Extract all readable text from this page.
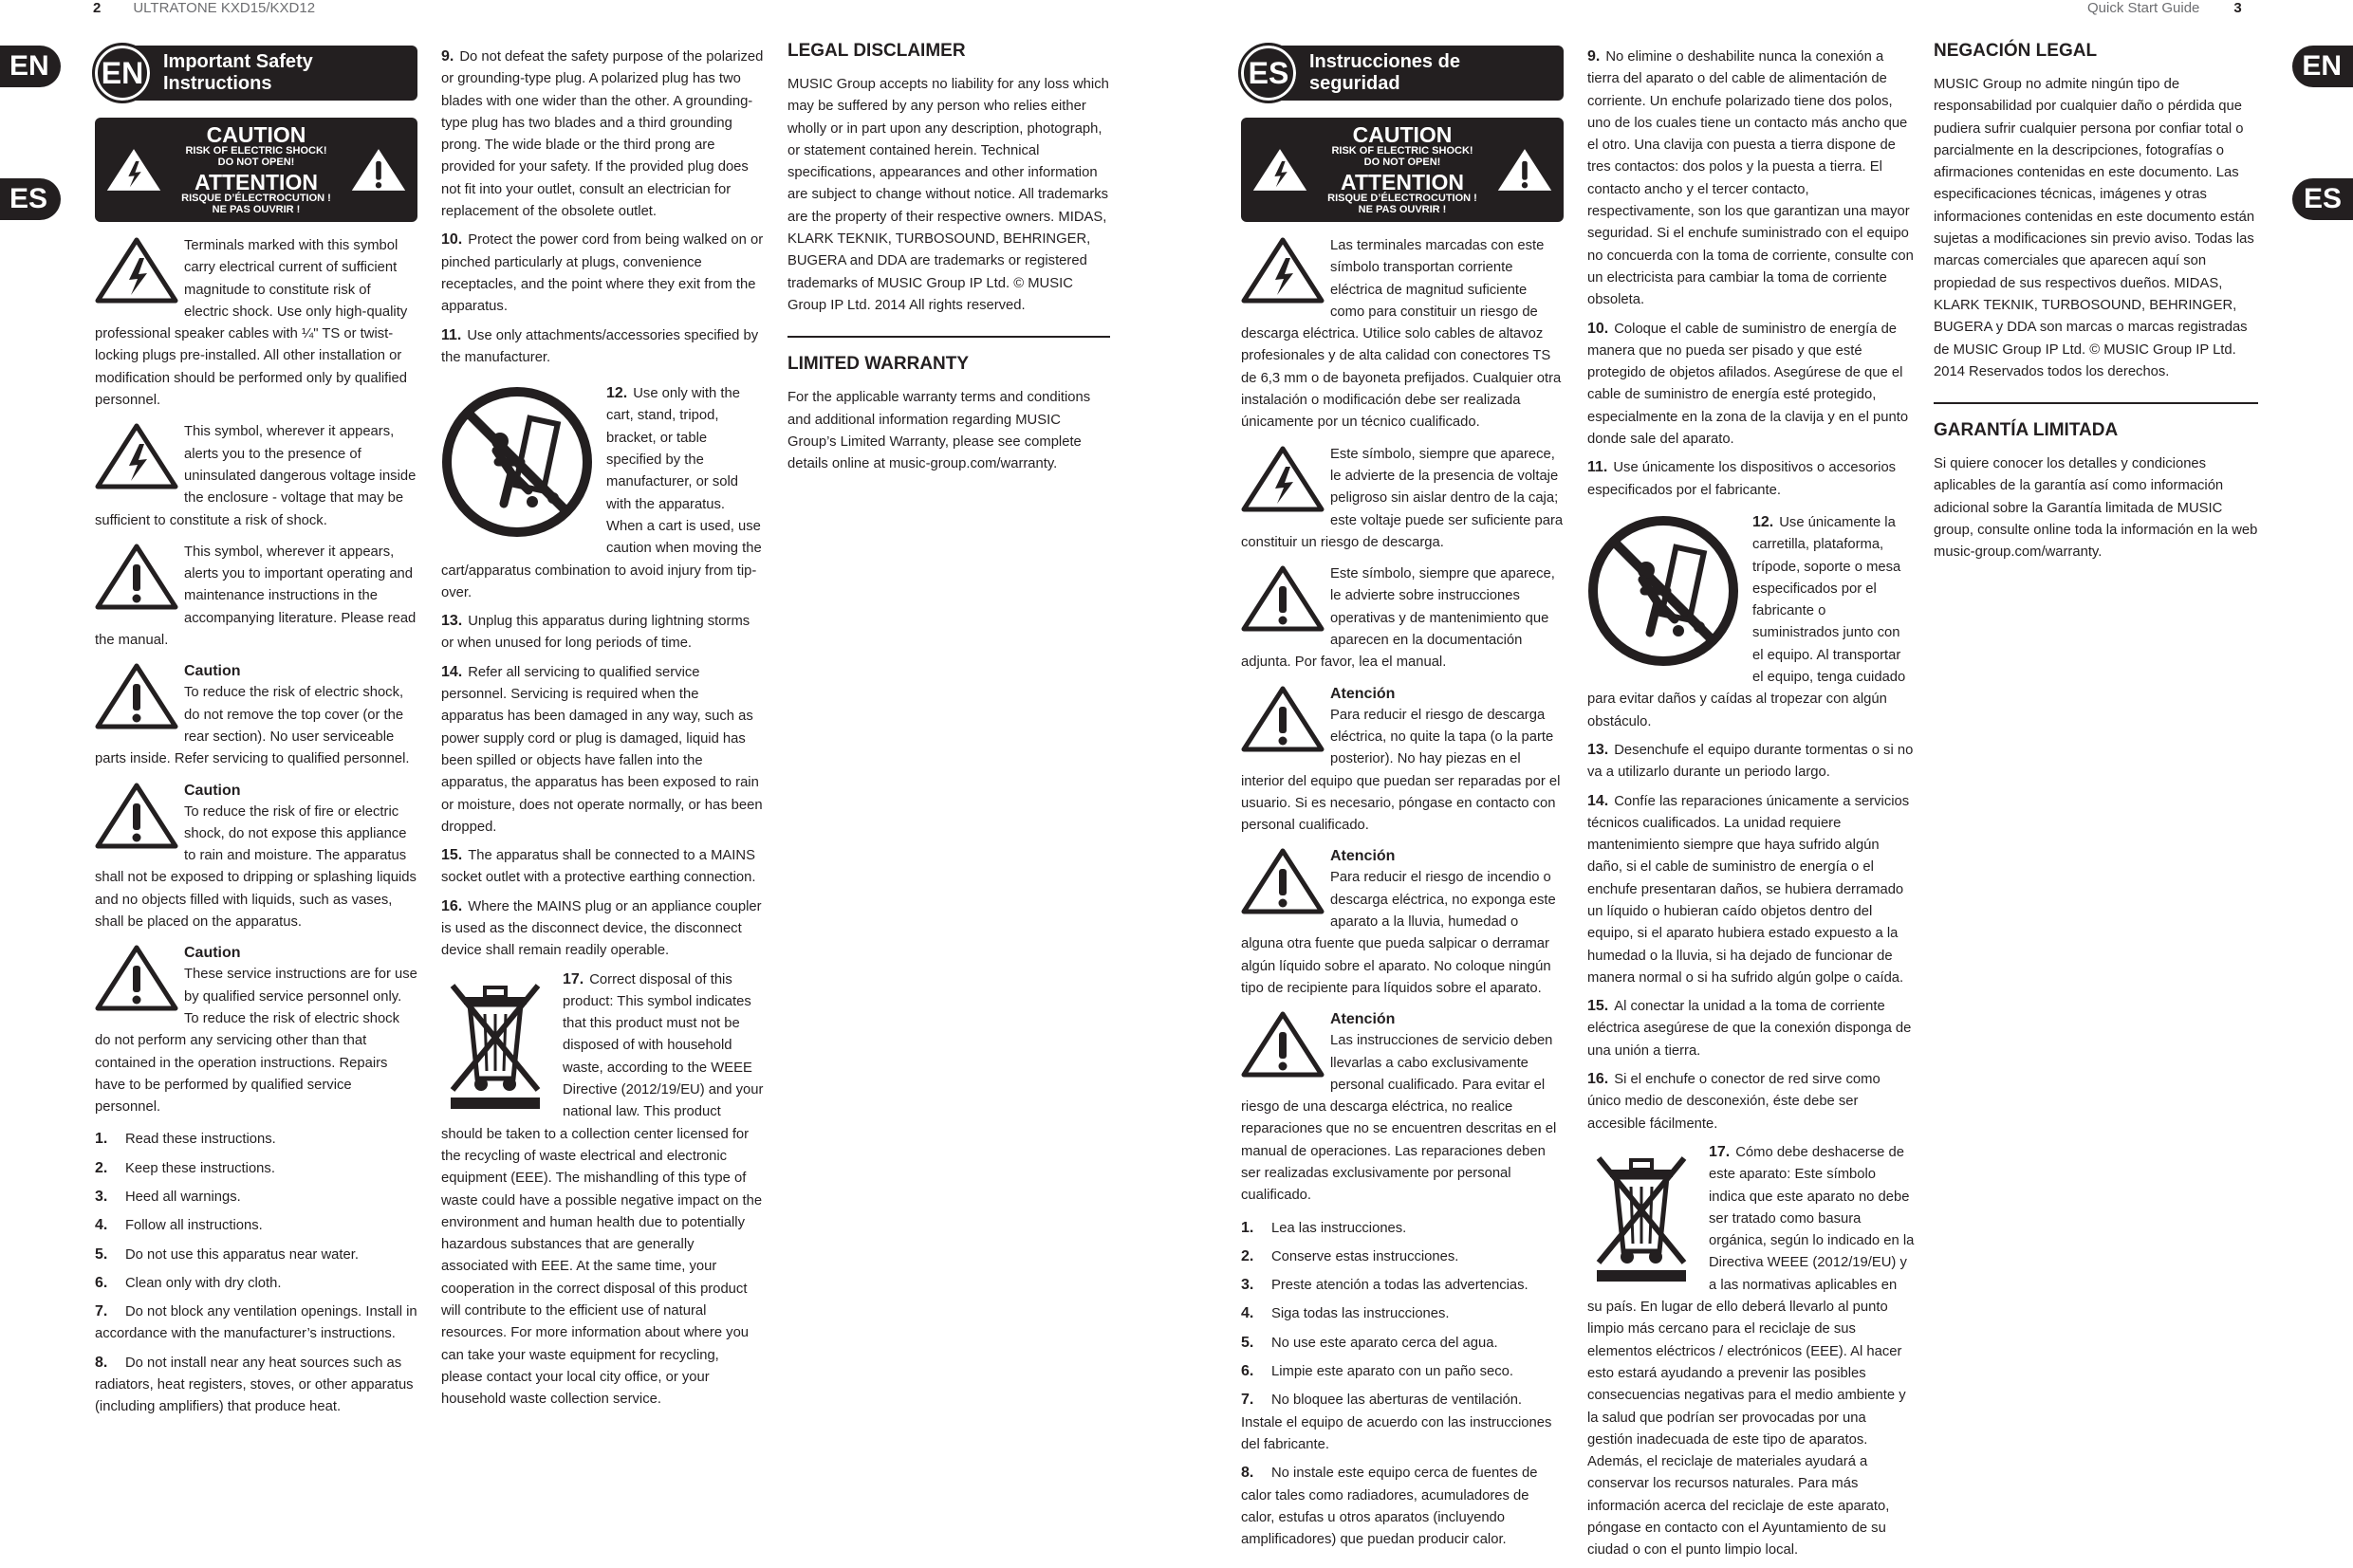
2 ULTRATONE KXD15/KXD12	Quick Start Guide 3
EN
ES
EN
ES
EN	Important Safety
Instructions
CAUTION
RISK OF ELECTRIC SHOCK!
DO NOT OPEN!
ATTENTION
RISQUE D’ÉLECTROCUTION !
NE PAS OUVRIR !
Terminals marked with this symbol carry electrical current of sufficient magnitude to constitute risk of electric shock. Use only high-quality professional speaker cables with ¼" TS or twist-locking plugs pre-installed. All other installation or modification should be performed only by qualified personnel.
This symbol, wherever it appears, alerts you to the presence of uninsulated dangerous voltage inside the enclosure - voltage that may be sufficient to constitute a risk of shock.
This symbol, wherever it appears, alerts you to important operating and maintenance instructions in the accompanying literature. Please read the manual.
Caution
To reduce the risk of electric shock, do not remove the top cover (or the rear section). No user serviceable parts inside. Refer servicing to qualified personnel.
Caution
To reduce the risk of fire or electric shock, do not expose this appliance to rain and moisture. The apparatus shall not be exposed to dripping or splashing liquids and no objects filled with liquids, such as vases, shall be placed on the apparatus.
Caution
These service instructions are for use by qualified service personnel only. To reduce the risk of electric shock do not perform any servicing other than that contained in the operation instructions. Repairs have to be performed by qualified service personnel.
1. Read these instructions.
2. Keep these instructions.
3. Heed all warnings.
4. Follow all instructions.
5. Do not use this apparatus near water.
6. Clean only with dry cloth.
7. Do not block any ventilation openings. Install in accordance with the manufacturer’s instructions.
8. Do not install near any heat sources such as radiators, heat registers, stoves, or other apparatus (including amplifiers) that produce heat.

9. Do not defeat the safety purpose of the polarized or grounding-type plug. A polarized plug has two blades with one wider than the other. A grounding-type plug has two blades and a third grounding prong. The wide blade or the third prong are provided for your safety. If the provided plug does not fit into your outlet, consult an electrician for replacement of the obsolete outlet.

10. Protect the power cord from being walked on or pinched particularly at plugs, convenience receptacles, and the point where they exit from the apparatus.

11. Use only attachments/accessories specified by the manufacturer.

12. Use only with the cart, stand, tripod, bracket, or table specified by the manufacturer, or sold with the apparatus. When a cart is used, use caution when moving the cart/apparatus combination to avoid injury from tip-over.

13. Unplug this apparatus during lightning storms or when unused for long periods of time.

14. Refer all servicing to qualified service personnel. Servicing is required when the apparatus has been damaged in any way, such as power supply cord or plug is damaged, liquid has been spilled or objects have fallen into the apparatus, the apparatus has been exposed to rain or moisture, does not operate normally, or has been dropped.

15. The apparatus shall be connected to a MAINS socket outlet with a protective earthing connection.

16. Where the MAINS plug or an appliance coupler is used as the disconnect device, the disconnect device shall remain readily operable.

17. Correct disposal of this product: This symbol indicates that this product must not be disposed of with household waste, according to the WEEE Directive (2012/19/EU) and your national law. This product should be taken to a collection center licensed for the recycling of waste electrical and electronic equipment (EEE). The mishandling of this type of waste could have a possible negative impact on the environment and human health due to potentially hazardous substances that are generally associated with EEE. At the same time, your cooperation in the correct disposal of this product will contribute to the efficient use of natural resources. For more information about where you can take your waste equipment for recycling, please contact your local city office, or your household waste collection service.

LEGAL DISCLAIMER

MUSIC Group accepts no liability for any loss which may be suffered by any person who relies either wholly or in part upon any description, photograph, or statement contained herein. Technical specifications, appearances and other information are subject to change without notice. All trademarks are the property of their respective owners. MIDAS, KLARK TEKNIK, TURBOSOUND, BEHRINGER, BUGERA and DDA are trademarks or registered trademarks of MUSIC Group IP Ltd. © MUSIC Group IP Ltd. 2014 All rights reserved.

LIMITED WARRANTY

For the applicable warranty terms and conditions and additional information regarding MUSIC Group’s Limited Warranty, please see complete details online at music-group.com/warranty.

ES	Instrucciones de
seguridad
CAUTION
RISK OF ELECTRIC SHOCK!
DO NOT OPEN!
ATTENTION
RISQUE D’ÉLECTROCUTION !
NE PAS OUVRIR !
Las terminales marcadas con este símbolo transportan corriente eléctrica de magnitud suficiente como para constituir un riesgo de descarga eléctrica. Utilice solo cables de altavoz profesionales y de alta calidad con conectores TS de 6,3 mm o de bayoneta prefijados. Cualquier otra instalación o modificación debe ser realizada únicamente por un técnico cualificado.
Este símbolo, siempre que aparece, le advierte de la presencia de voltaje peligroso sin aislar dentro de la caja; este voltaje puede ser suficiente para constituir un riesgo de descarga.
Este símbolo, siempre que aparece, le advierte sobre instrucciones operativas y de mantenimiento que aparecen en la documentación adjunta. Por favor, lea el manual.
Atención
Para reducir el riesgo de descarga eléctrica, no quite la tapa (o la parte posterior). No hay piezas en el interior del equipo que puedan ser reparadas por el usuario. Si es necesario, póngase en contacto con personal cualificado.
Atención
Para reducir el riesgo de incendio o descarga eléctrica, no exponga este aparato a la lluvia, humedad o alguna otra fuente que pueda salpicar o derramar algún líquido sobre el aparato. No coloque ningún tipo de recipiente para líquidos sobre el aparato.
Atención
Las instrucciones de servicio deben llevarlas a cabo exclusivamente personal cualificado. Para evitar el riesgo de una descarga eléctrica, no realice reparaciones que no se encuentren descritas en el manual de operaciones. Las reparaciones deben ser realizadas exclusivamente por personal cualificado.
1. Lea las instrucciones.
2. Conserve estas instrucciones.
3. Preste atención a todas las advertencias.
4. Siga todas las instrucciones.
5. No use este aparato cerca del agua.
6. Limpie este aparato con un paño seco.
7. No bloquee las aberturas de ventilación. Instale el equipo de acuerdo con las instrucciones del fabricante.
8. No instale este equipo cerca de fuentes de calor tales como radiadores, acumuladores de calor, estufas u otros aparatos (incluyendo amplificadores) que puedan producir calor.

9. No elimine o deshabilite nunca la conexión a tierra del aparato o del cable de alimentación de corriente. Un enchufe polarizado tiene dos polos, uno de los cuales tiene un contacto más ancho que el otro. Una clavija con puesta a tierra dispone de tres contactos: dos polos y la puesta a tierra. El contacto ancho y el tercer contacto, respectivamente, son los que garantizan una mayor seguridad. Si el enchufe suministrado con el equipo no concuerda con la toma de corriente, consulte con un electricista para cambiar la toma de corriente obsoleta.

10. Coloque el cable de suministro de energía de manera que no pueda ser pisado y que esté protegido de objetos afilados. Asegúrese de que el cable de suministro de energía esté protegido, especialmente en la zona de la clavija y en el punto donde sale del aparato.

11. Use únicamente los dispositivos o accesorios especificados por el fabricante.

12. Use únicamente la carretilla, plataforma, trípode, soporte o mesa especificados por el fabricante o suministrados junto con el equipo. Al transportar el equipo, tenga cuidado para evitar daños y caídas al tropezar con algún obstáculo.

13. Desenchufe el equipo durante tormentas o si no va a utilizarlo durante un periodo largo.

14. Confíe las reparaciones únicamente a servicios técnicos cualificados. La unidad requiere mantenimiento siempre que haya sufrido algún daño, si el cable de suministro de energía o el enchufe presentaran daños, se hubiera derramado un líquido o hubieran caído objetos dentro del equipo, si el aparato hubiera estado expuesto a la humedad o la lluvia, si ha dejado de funcionar de manera normal o si ha sufrido algún golpe o caída.

15. Al conectar la unidad a la toma de corriente eléctrica asegúrese de que la conexión disponga de una unión a tierra.

16. Si el enchufe o conector de red sirve como único medio de desconexión, éste debe ser accesible fácilmente.

17. Cómo debe deshacerse de este aparato: Este símbolo indica que este aparato no debe ser tratado como basura orgánica, según lo indicado en la Directiva WEEE (2012/19/EU) y a las normativas aplicables en su país. En lugar de ello deberá llevarlo al punto limpio más cercano para el reciclaje de sus elementos eléctricos / electrónicos (EEE). Al hacer esto estará ayudando a prevenir las posibles consecuencias negativas para el medio ambiente y la salud que podrían ser provocadas por una gestión inadecuada de este tipo de aparatos. Además, el reciclaje de materiales ayudará a conservar los recursos naturales. Para más información acerca del reciclaje de este aparato, póngase en contacto con el Ayuntamiento de su ciudad o con el punto limpio local.

NEGACIÓN LEGAL

MUSIC Group no admite ningún tipo de responsabilidad por cualquier daño o pérdida que pudiera sufrir cualquier persona por confiar total o parcialmente en la descripciones, fotografías o afirmaciones contenidas en este documento. Las especificaciones técnicas, imágenes y otras informaciones contenidas en este documento están sujetas a modificaciones sin previo aviso. Todas las marcas comerciales que aparecen aquí son propiedad de sus respectivos dueños. MIDAS, KLARK TEKNIK, TURBOSOUND, BEHRINGER, BUGERA y DDA son marcas o marcas registradas de MUSIC Group IP Ltd. © MUSIC Group IP Ltd. 2014 Reservados todos los derechos.

GARANTÍA LIMITADA

Si quiere conocer los detalles y condiciones aplicables de la garantía así como información adicional sobre la Garantía limitada de MUSIC group, consulte online toda la información en la web music-group.com/warranty.
